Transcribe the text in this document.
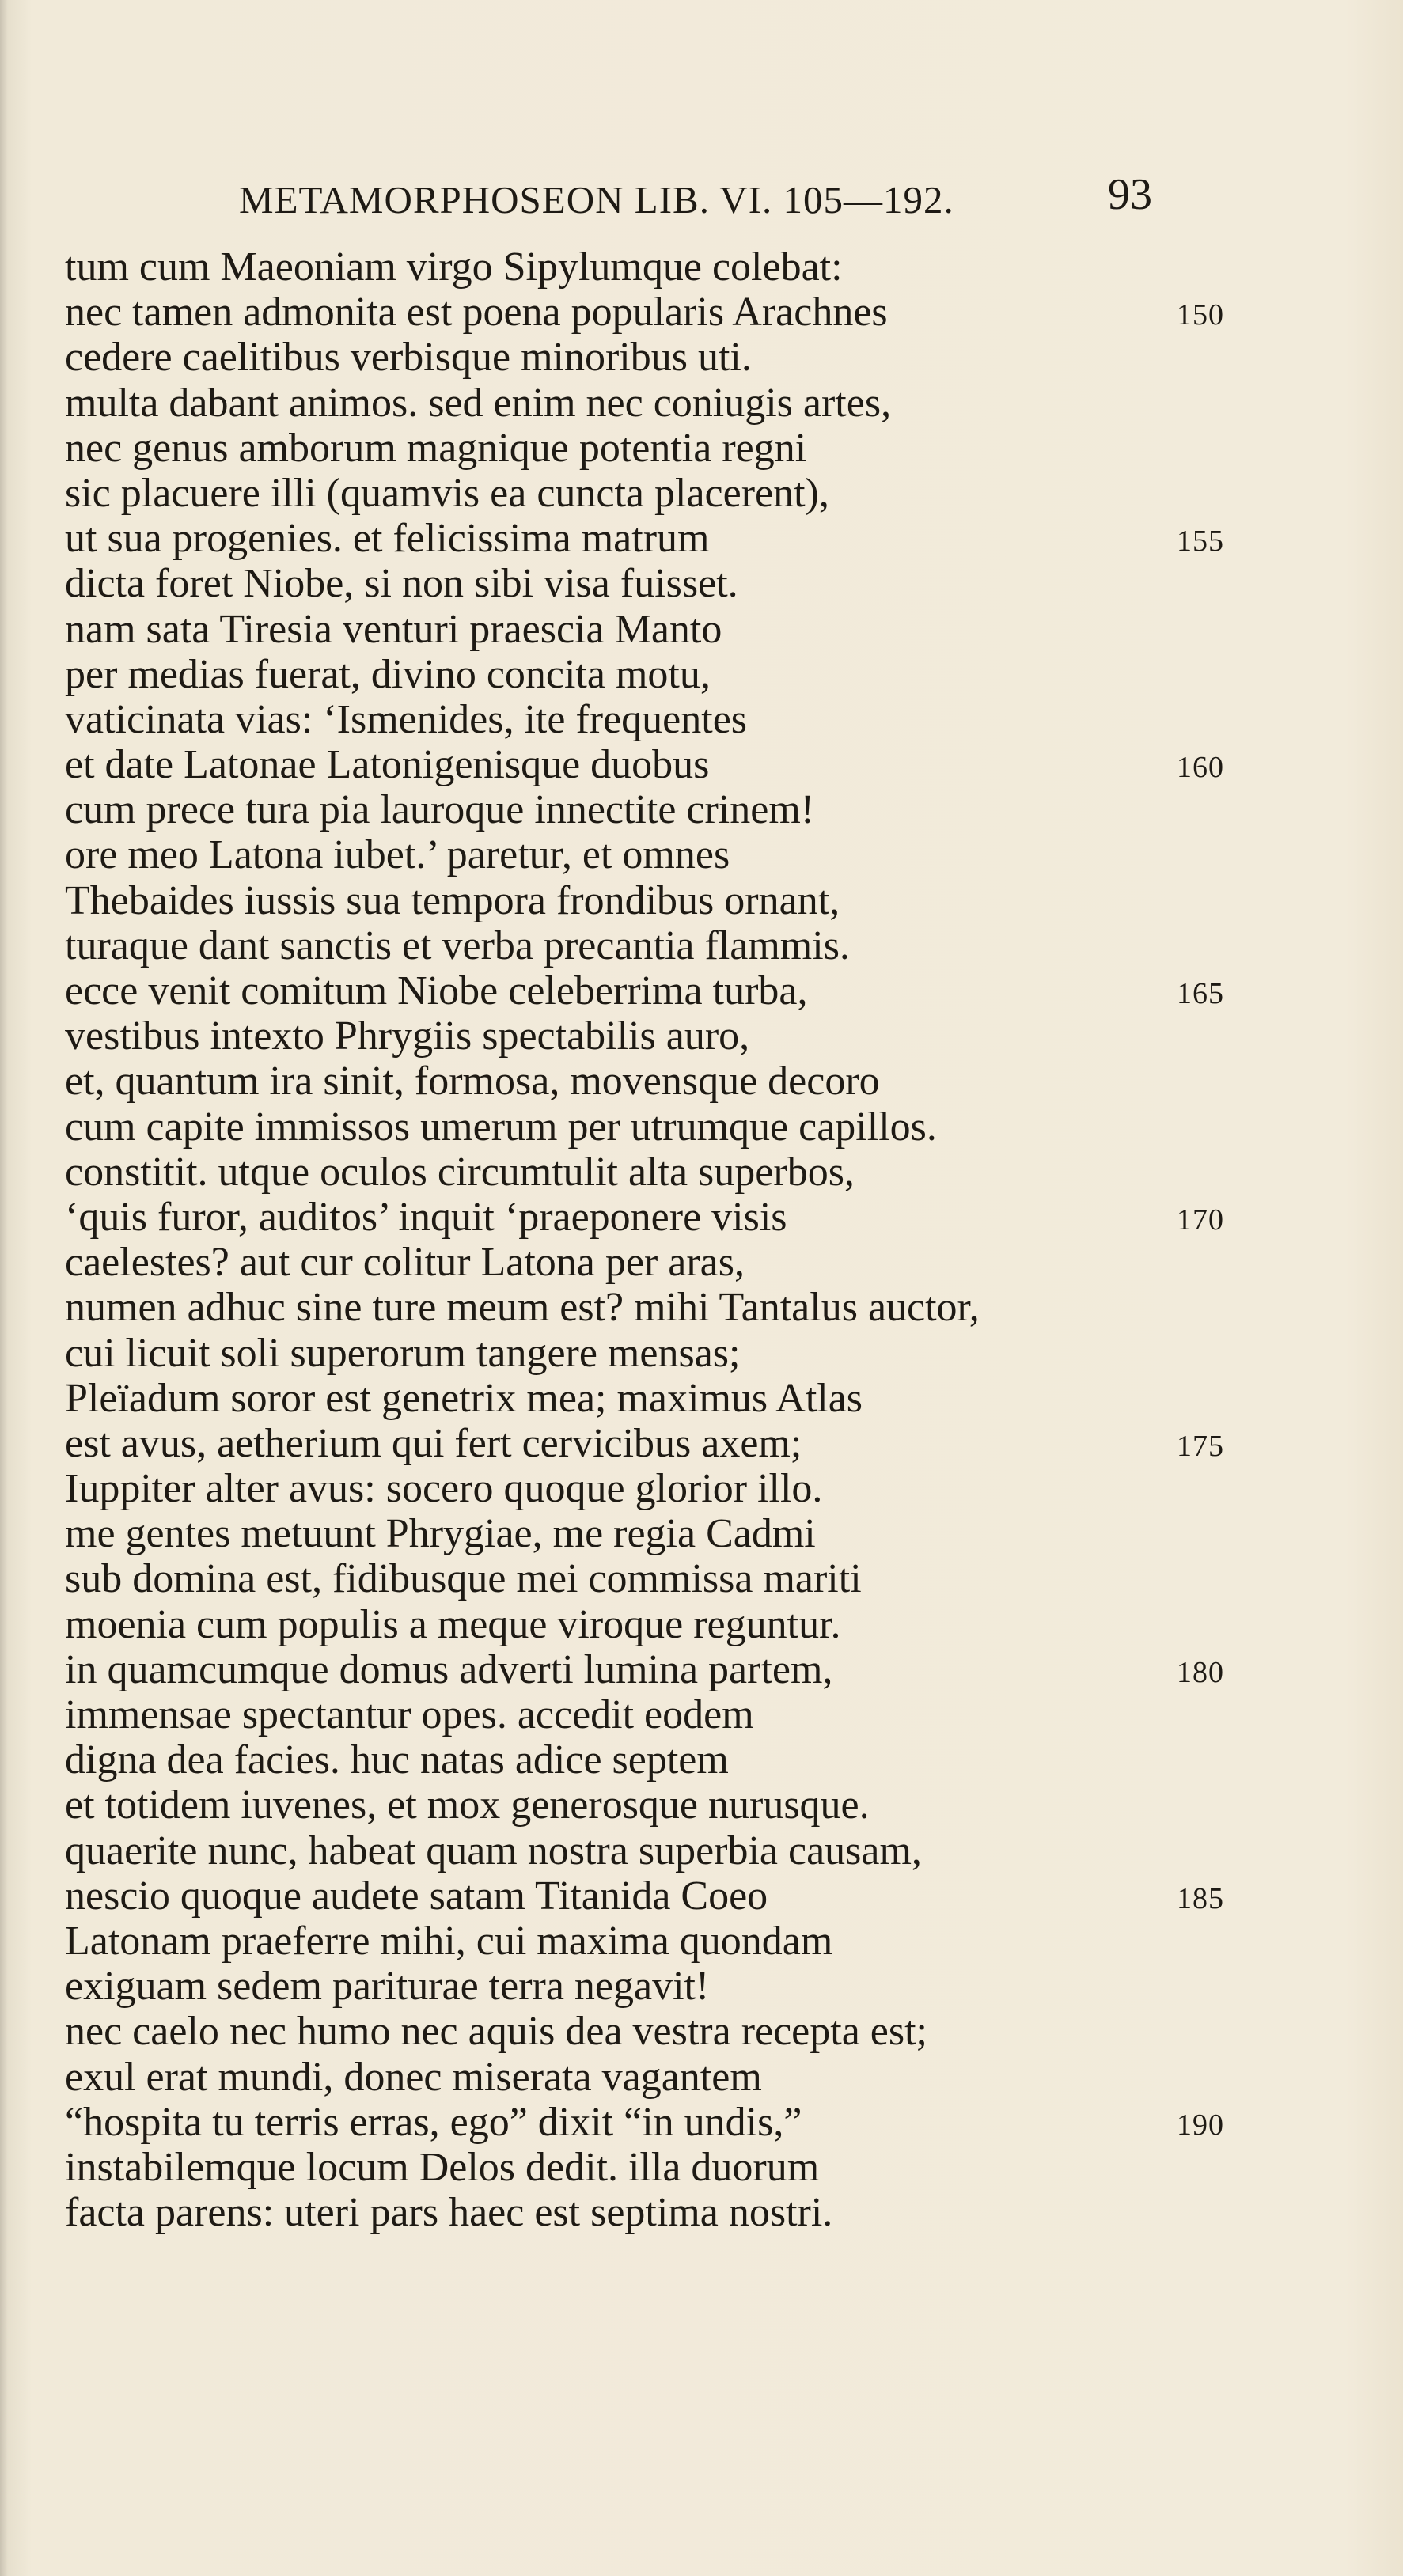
METAMORPHOSEON LIB. VI. 105—192.	93
tum cum Maeoniam virgo Sipylumque colebat:
nec tamen admonita est poena popularis Arachnes	150
cedere caelitibus verbisque minoribus uti.
multa dabant animos. sed enim nec coniugis artes,
nec genus amborum magnique potentia regni
sic placuere illi (quamvis ea cuncta placerent),
ut sua progenies. et felicissima matrum	155
dicta foret Niobe, si non sibi visa fuisset.
nam sata Tiresia venturi praescia Manto
per medias fuerat, divino concita motu,
vaticinata vias: ‘Ismenides, ite frequentes
et date Latonae Latonigenisque duobus	160
cum prece tura pia lauroque innectite crinem!
ore meo Latona iubet.’ paretur, et omnes
Thebaides iussis sua tempora frondibus ornant,
turaque dant sanctis et verba precantia flammis.
ecce venit comitum Niobe celeberrima turba,	165
vestibus intexto Phrygiis spectabilis auro,
et, quantum ira sinit, formosa, movensque decoro
cum capite immissos umerum per utrumque capillos.
constitit. utque oculos circumtulit alta superbos,
‘quis furor, auditos’ inquit ‘praeponere visis	170
caelestes? aut cur colitur Latona per aras,
numen adhuc sine ture meum est? mihi Tantalus auctor,
cui licuit soli superorum tangere mensas;
Pleïadum soror est genetrix mea; maximus Atlas
est avus, aetherium qui fert cervicibus axem;	175
Iuppiter alter avus: socero quoque glorior illo.
me gentes metuunt Phrygiae, me regia Cadmi
sub domina est, fidibusque mei commissa mariti
moenia cum populis a meque viroque reguntur.
in quamcumque domus adverti lumina partem,	180
immensae spectantur opes. accedit eodem
digna dea facies. huc natas adice septem
et totidem iuvenes, et mox generosque nurusque.
quaerite nunc, habeat quam nostra superbia causam,
nescio quoque audete satam Titanida Coeo	185
Latonam praeferre mihi, cui maxima quondam
exiguam sedem pariturae terra negavit!
nec caelo nec humo nec aquis dea vestra recepta est;
exul erat mundi, donec miserata vagantem
“hospita tu terris erras, ego” dixit “in undis,”	190
instabilemque locum Delos dedit. illa duorum
facta parens: uteri pars haec est septima nostri.
